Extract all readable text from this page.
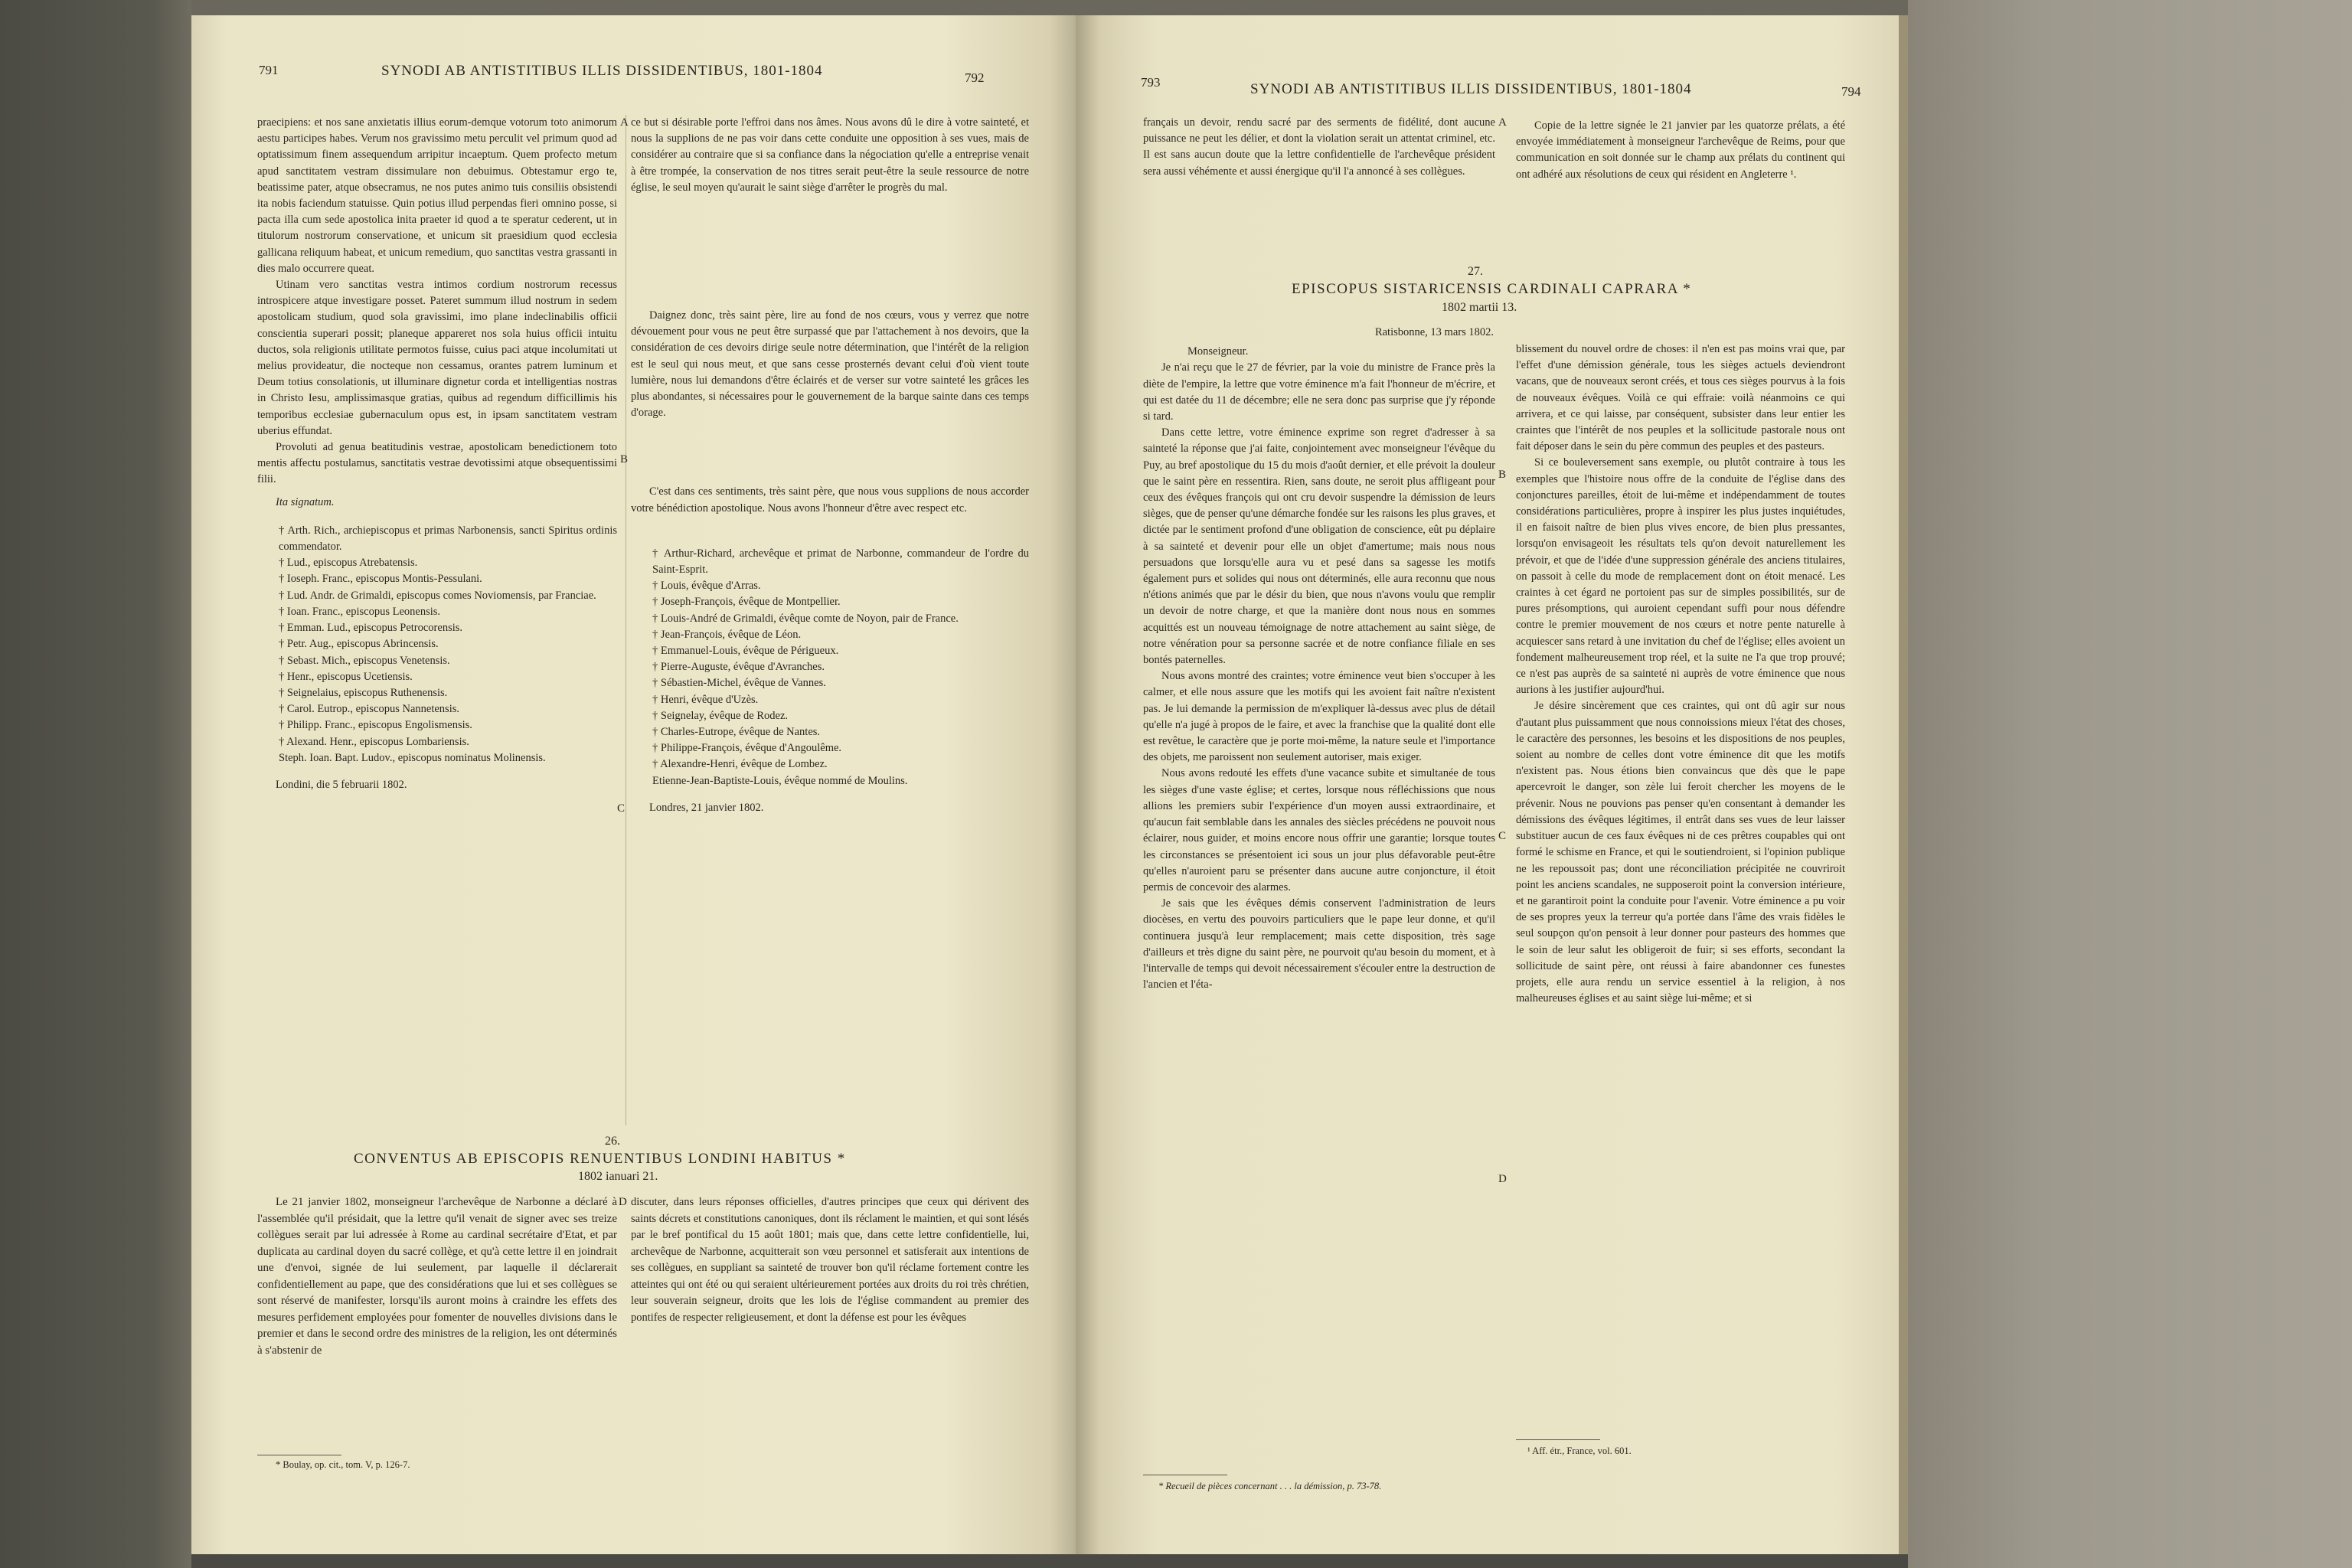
791	SYNODI AB ANTISTITIBUS ILLIS DISSIDENTIBUS, 1801-1804	792

praecipiens: et nos sane anxietatis illius eorum-demque votorum toto animorum aestu participes habes. Verum nos gravissimo metu perculit vel primum quod ad optatissimum finem assequendum arripitur incaeptum. Quem profecto metum apud sanctitatem vestram dissimulare non debuimus. Obtestamur ergo te, beatissime pater, atque obsecramus, ne nos putes animo tuis consiliis obsistendi ita nobis faciendum statuisse. Quin potius illud perpendas fieri omnino posse, si pacta illa cum sede apostolica inita praeter id quod a te speratur cederent, ut in titulorum nostrorum conservatione, et unicum sit praesidium quod ecclesia gallicana reliquum habeat, et unicum remedium, quo sanctitas vestra grassanti in dies malo occurrere queat.

Utinam vero sanctitas vestra intimos cordium nostrorum recessus introspicere atque investigare posset. Pateret summum illud nostrum in sedem apostolicam studium, quod sola gravissimi, imo plane indeclinabilis officii conscientia superari possit; planeque appareret nos sola huius officii intuitu ductos, sola religionis utilitate permotos fuisse, cuius paci atque incolumitati ut melius provideatur, die nocteque non cessamus, orantes patrem luminum et Deum totius consolationis, ut illuminare dignetur corda et intelligentias nostras in Christo Iesu, amplissimasque gratias, quibus ad regendum difficillimis his temporibus ecclesiae gubernaculum opus est, in ipsam sanctitatem vestram uberius effundat.

Provoluti ad genua beatitudinis vestrae, apostolicam benedictionem toto mentis affectu postulamus, sanctitatis vestrae devotissimi atque obsequentissimi filii.

Ita signatum.

† Arth. Rich., archiepiscopus et primas Narbonensis, sancti Spiritus ordinis commendator.
† Lud., episcopus Atrebatensis.
† Ioseph. Franc., episcopus Montis-Pessulani.
† Lud. Andr. de Grimaldi, episcopus comes Noviomensis, par Franciae.
† Ioan. Franc., episcopus Leonensis.
† Emman. Lud., episcopus Petrocorensis.
† Petr. Aug., episcopus Abrincensis.
† Sebast. Mich., episcopus Venetensis.
† Henr., episcopus Ucetiensis.
† Seignelaius, episcopus Ruthenensis.
† Carol. Eutrop., episcopus Nannetensis.
† Philipp. Franc., episcopus Engolismensis.
† Alexand. Henr., episcopus Lombariensis.
Steph. Ioan. Bapt. Ludov., episcopus nominatus Molinensis.

Londini, die 5 februarii 1802.

A
B
C

ce but si désirable porte l'effroi dans nos âmes. Nous avons dû le dire à votre sainteté, et nous la supplions de ne pas voir dans cette conduite une opposition à ses vues, mais de considérer au contraire que si sa confiance dans la négociation qu'elle a entreprise venait à être trompée, la conservation de nos titres serait peut-être la seule ressource de notre église, le seul moyen qu'aurait le saint siège d'arrêter le progrès du mal.

Daignez donc, très saint père, lire au fond de nos cœurs, vous y verrez que notre dévouement pour vous ne peut être surpassé que par l'attachement à nos devoirs, que la considération de ces devoirs dirige seule notre détermination, que l'intérêt de la religion est le seul qui nous meut, et que sans cesse prosternés devant celui d'où vient toute lumière, nous lui demandons d'être éclairés et de verser sur votre sainteté les grâces les plus abondantes, si nécessaires pour le gouvernement de la barque sainte dans ces temps d'orage.

C'est dans ces sentiments, très saint père, que nous vous supplions de nous accorder votre bénédiction apostolique. Nous avons l'honneur d'être avec respect etc.

† Arthur-Richard, archevêque et primat de Narbonne, commandeur de l'ordre du Saint-Esprit.
† Louis, évêque d'Arras.
† Joseph-François, évêque de Montpellier.
† Louis-André de Grimaldi, évêque comte de Noyon, pair de France.
† Jean-François, évêque de Léon.
† Emmanuel-Louis, évêque de Périgueux.
† Pierre-Auguste, évêque d'Avranches.
† Sébastien-Michel, évêque de Vannes.
† Henri, évêque d'Uzès.
† Seignelay, évêque de Rodez.
† Charles-Eutrope, évêque de Nantes.
† Philippe-François, évêque d'Angoulême.
† Alexandre-Henri, évêque de Lombez.
Etienne-Jean-Baptiste-Louis, évêque nommé de Moulins.

Londres, 21 janvier 1802.

26.
CONVENTUS AB EPISCOPIS RENUENTIBUS LONDINI HABITUS *
1802 ianuari 21.

Le 21 janvier 1802, monseigneur l'archevêque de Narbonne a déclaré à l'assemblée qu'il présidait, que la lettre qu'il venait de signer avec ses treize collègues serait par lui adressée à Rome au cardinal secrétaire d'Etat, et par duplicata au cardinal doyen du sacré collège, et qu'à cette lettre il en joindrait une d'envoi, signée de lui seulement, par laquelle il déclarerait confidentiellement au pape, que des considérations que lui et ses collègues se sont réservé de manifester, lorsqu'ils auront moins à craindre les effets des mesures perfidement employées pour fomenter de nouvelles divisions dans le premier et dans le second ordre des ministres de la religion, les ont déterminés à s'abstenir de

D discuter, dans leurs réponses officielles, d'autres principes que ceux qui dérivent des saints décrets et constitutions canoniques, dont ils réclament le maintien, et qui sont lésés par le bref pontifical du 15 août 1801; mais que, dans cette lettre confidentielle, lui, archevêque de Narbonne, acquitterait son vœu personnel et satisferait aux intentions de ses collègues, en suppliant sa sainteté de trouver bon qu'il réclame fortement contre les atteintes qui ont été ou qui seraient ultérieurement portées aux droits du roi très chrétien, leur souverain seigneur, droits que les lois de l'église commandent au premier des pontifes de respecter religieusement, et dont la défense est pour les évêques

* Boulay, op. cit., tom. V, p. 126-7.
793	SYNODI AB ANTISTITIBUS ILLIS DISSIDENTIBUS, 1801-1804	794

français un devoir, rendu sacré par des serments de fidélité, dont aucune puissance ne peut les délier, et dont la violation serait un attentat criminel, etc. Il est sans aucun doute que la lettre confidentielle de l'archevêque président sera aussi véhémente et aussi énergique qu'il l'a annoncé à ses collègues.

A	Copie de la lettre signée le 21 janvier par les quatorze prélats, a été envoyée immédiatement à monseigneur l'archevêque de Reims, pour que communication en soit donnée sur le champ aux prélats du continent qui ont adhéré aux résolutions de ceux qui résident en Angleterre ¹.

27.
EPISCOPUS SISTARICENSIS CARDINALI CAPRARA *
1802 martii 13.

Ratisbonne, 13 mars 1802.

Monseigneur.

Je n'ai reçu que le 27 de février, par la voie du ministre de France près la diète de l'empire, la lettre que votre éminence m'a fait l'honneur de m'écrire, et qui est datée du 11 de décembre; elle ne sera donc pas surprise que j'y réponde si tard.

Dans cette lettre, votre éminence exprime son regret d'adresser à sa sainteté la réponse que j'ai faite, conjointement avec monseigneur l'évêque du Puy, au bref apostolique du 15 du mois d'août dernier, et elle prévoit la douleur que le saint père en ressentira. Rien, sans doute, ne seroit plus affligeant pour ceux des évêques françois qui ont cru devoir suspendre la démission de leurs sièges, que de penser qu'une démarche fondée sur les raisons les plus graves, et dictée par le sentiment profond d'une obligation de conscience, eût pu déplaire à sa sainteté et devenir pour elle un objet d'amertume; mais nous nous persuadons que lorsqu'elle aura vu et pesé dans sa sagesse les motifs également purs et solides qui nous ont déterminés, elle aura reconnu que nous n'étions animés que par le désir du bien, que nous n'avons voulu que remplir un devoir de notre charge, et que la manière dont nous nous en sommes acquittés est un nouveau témoignage de notre attachement au saint siège, de notre vénération pour sa personne sacrée et de notre confiance filiale en ses bontés paternelles.

Nous avons montré des craintes; votre éminence veut bien s'occuper à les calmer, et elle nous assure que les motifs qui les avoient fait naître n'existent pas. Je lui demande la permission de m'expliquer là-dessus avec plus de détail qu'elle n'a jugé à propos de le faire, et avec la franchise que la qualité dont elle est revêtue, le caractère que je porte moi-même, la nature seule et l'importance des objets, me paroissent non seulement autoriser, mais exiger.

Nous avons redouté les effets d'une vacance subite et simultanée de tous les sièges d'une vaste église; et certes, lorsque nous réfléchissions que nous allions les premiers subir l'expérience d'un moyen aussi extraordinaire, et qu'aucun fait semblable dans les annales des siècles précédens ne pouvoit nous éclairer, nous guider, et moins encore nous offrir une garantie; lorsque toutes les circonstances se présentoient ici sous un jour plus défavorable peut-être qu'elles n'auroient paru se présenter dans aucune autre conjoncture, il étoit permis de concevoir des alarmes.

Je sais que les évêques démis conservent l'administration de leurs diocèses, en vertu des pouvoirs particuliers que le pape leur donne, et qu'il continuera jusqu'à leur remplacement; mais cette disposition, très sage d'ailleurs et très digne du saint père, ne pourvoit qu'au besoin du moment, et à l'intervalle de temps qui devoit nécessairement s'écouler entre la destruction de l'ancien et l'éta-

B
C
D

blissement du nouvel ordre de choses: il n'en est pas moins vrai que, par l'effet d'une démission générale, tous les sièges actuels deviendront vacans, que de nouveaux seront créés, et tous ces sièges pourvus à la fois de nouveaux évêques. Voilà ce qui effraie: voilà néanmoins ce qui arrivera, et ce qui laisse, par conséquent, subsister dans leur entier les craintes que l'intérêt de nos peuples et la sollicitude pastorale nous ont fait déposer dans le sein du père commun des peuples et des pasteurs.

Si ce bouleversement sans exemple, ou plutôt contraire à tous les exemples que l'histoire nous offre de la conduite de l'église dans des conjonctures pareilles, étoit de lui-même et indépendamment de toutes considérations particulières, propre à inspirer les plus justes inquiétudes, il en faisoit naître de bien plus vives encore, de bien plus pressantes, lorsqu'on envisageoit les résultats tels qu'on devoit naturellement les prévoir, et que de l'idée d'une suppression générale des anciens titulaires, on passoit à celle du mode de remplacement dont on étoit menacé. Les craintes à cet égard ne portoient pas sur de simples possibilités, sur de pures présomptions, qui auroient cependant suffi pour nous défendre contre le premier mouvement de nos cœurs et notre pente naturelle à acquiescer sans retard à une invitation du chef de l'église; elles avoient un fondement malheureusement trop réel, et la suite ne l'a que trop prouvé; ce n'est pas auprès de sa sainteté ni auprès de votre éminence que nous aurions à les justifier aujourd'hui.

Je désire sincèrement que ces craintes, qui ont dû agir sur nous d'autant plus puissamment que nous connoissions mieux l'état des choses, le caractère des personnes, les besoins et les dispositions de nos peuples, soient au nombre de celles dont votre éminence dit que les motifs n'existent pas. Nous étions bien convaincus que dès que le pape apercevroit le danger, son zèle lui feroit chercher les moyens de le prévenir. Nous ne pouvions pas penser qu'en consentant à demander les démissions des évêques légitimes, il entrât dans ses vues de leur laisser substituer aucun de ces faux évêques ni de ces prêtres coupables qui ont formé le schisme en France, et qui le soutiendroient, si l'opinion publique ne les repoussoit pas; dont une réconciliation précipitée ne couvriroit point les anciens scandales, ne supposeroit point la conversion intérieure, et ne garantiroit point la conduite pour l'avenir. Votre éminence a pu voir de ses propres yeux la terreur qu'a portée dans l'âme des vrais fidèles le seul soupçon qu'on pensoit à leur donner pour pasteurs des hommes que le soin de leur salut les obligeroit de fuir; si ses efforts, secondant la sollicitude de saint père, ont réussi à faire abandonner ces funestes projets, elle aura rendu un service essentiel à la religion, à nos malheureuses églises et au saint siège lui-même; et si

* Recueil de pièces concernant . . . la démission, p. 73-78.
¹ Aff. étr., France, vol. 601.
